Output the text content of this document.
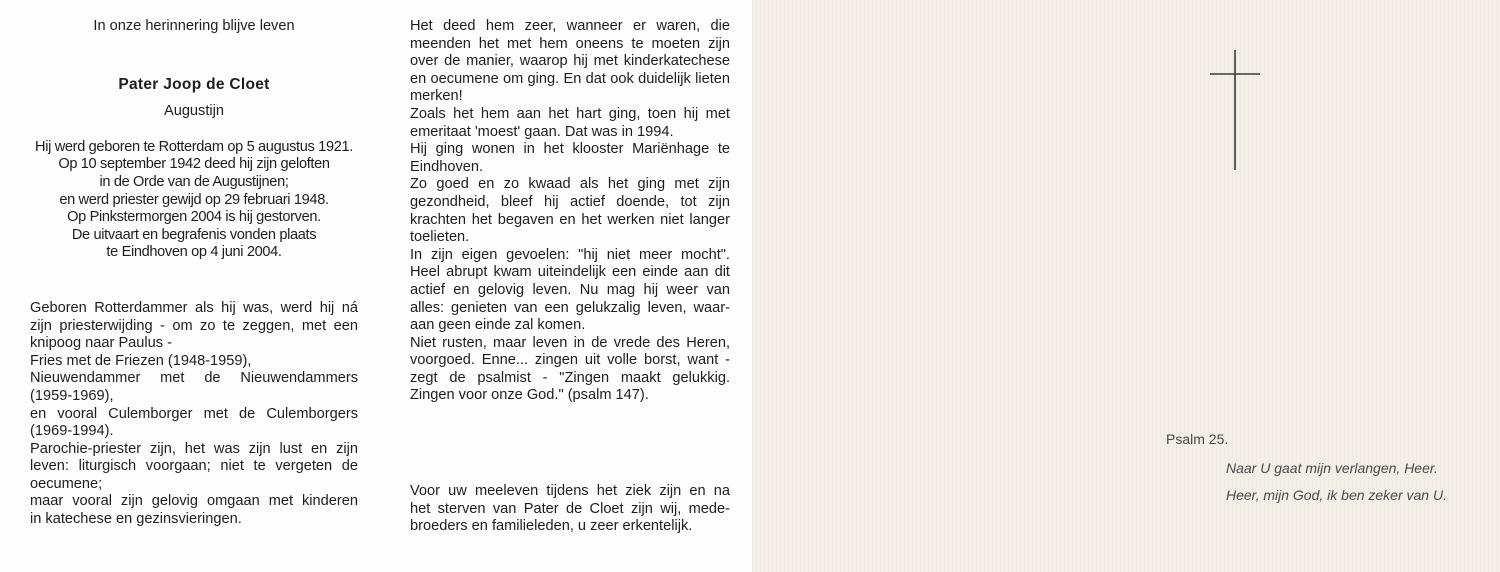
In onze herinnering blijve leven
Pater Joop de Cloet
Augustijn
Hij werd geboren te Rotterdam op 5 augustus 1921.
Op 10 september 1942 deed hij zijn geloften
in de Orde van de Augustijnen;
en werd priester gewijd op 29 februari 1948.
Op Pinkstermorgen 2004 is hij gestorven.
De uitvaart en begrafenis vonden plaats
te Eindhoven op 4 juni 2004.
Geboren Rotterdammer als hij was, werd hij ná
zijn priesterwijding - om zo te zeggen, met een
knipoog naar Paulus -
Fries met de Friezen (1948-1959),
Nieuwendammer met de Nieuwendammers
(1959-1969),
en vooral Culemborger met de Culemborgers
(1969-1994).
Parochie-priester zijn, het was zijn lust en zijn
leven: liturgisch voorgaan; niet te vergeten de
oecumene;
maar vooral zijn gelovig omgaan met kinderen
in katechese en gezinsvieringen.
Het deed hem zeer, wanneer er waren, die
meenden het met hem oneens te moeten zijn
over de manier, waarop hij met kinderkatechese
en oecumene om ging. En dat ook duidelijk lieten
merken!
Zoals het hem aan het hart ging, toen hij met
emeritaat 'moest' gaan. Dat was in 1994.
Hij ging wonen in het klooster Mariënhage te
Eindhoven.
Zo goed en zo kwaad als het ging met zijn
gezondheid, bleef hij actief doende, tot zijn
krachten het begaven en het werken niet langer
toelieten.
In zijn eigen gevoelen: "hij niet meer mocht".
Heel abrupt kwam uiteindelijk een einde aan dit
actief en gelovig leven. Nu mag hij weer van
alles: genieten van een gelukzalig leven, waar-
aan geen einde zal komen.
Niet rusten, maar leven in de vrede des Heren,
voorgoed. Enne... zingen uit volle borst, want -
zegt de psalmist - "Zingen maakt gelukkig.
Zingen voor onze God." (psalm 147).
Voor uw meeleven tijdens het ziek zijn en na
het sterven van Pater de Cloet zijn wij, mede-
broeders en familieleden, u zeer erkentelijk.
Psalm 25.
Naar U gaat mijn verlangen, Heer.
Heer, mijn God, ik ben zeker van U.
